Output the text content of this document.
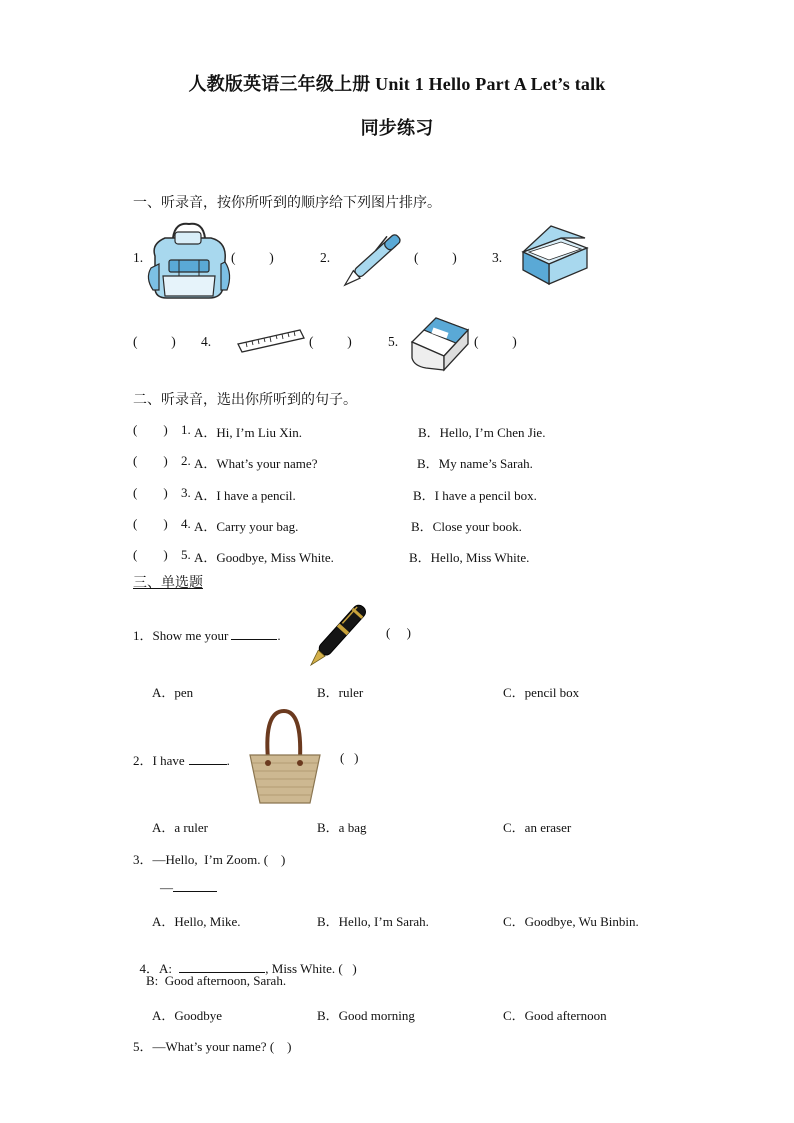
人教版英语三年级上册 Unit 1 Hello Part A Let’s talk
同步练习
一、听录音，按你所听到的顺序给下列图片排序。
1.	(          )	2.	(          )	3.
(          ) 4.	(          )	5.	(          )
二、听录音，选出你所听到的句子。
(        ) 1. A．Hi, I’m Liu Xin.	B．Hello, I’m Chen Jie.
(        ) 2. A．What’s your name?	B．My name’s Sarah.
(        ) 3. A．I have a pencil.	B．I have a pencil box.
(        ) 4. A．Carry your bag.	B．Close your book.
(        ) 5. A．Goodbye, Miss White.	B．Hello, Miss White.
三、单选题
1．Show me your	.	(     )
A．pen	B．ruler	C．pencil box
2．I have	.	(   )
A．a ruler	B．a bag	C．an eraser
3．—Hello,  I’m Zoom. (    )
—
A．Hello, Mike.	B．Hello, I’m Sarah.	C．Goodbye, Wu Binbin.

4．A:	, Miss White. (   )

B:  Good afternoon, Sarah.
A．Goodbye	B．Good morning	C．Good afternoon
5．—What’s your name? (    )
